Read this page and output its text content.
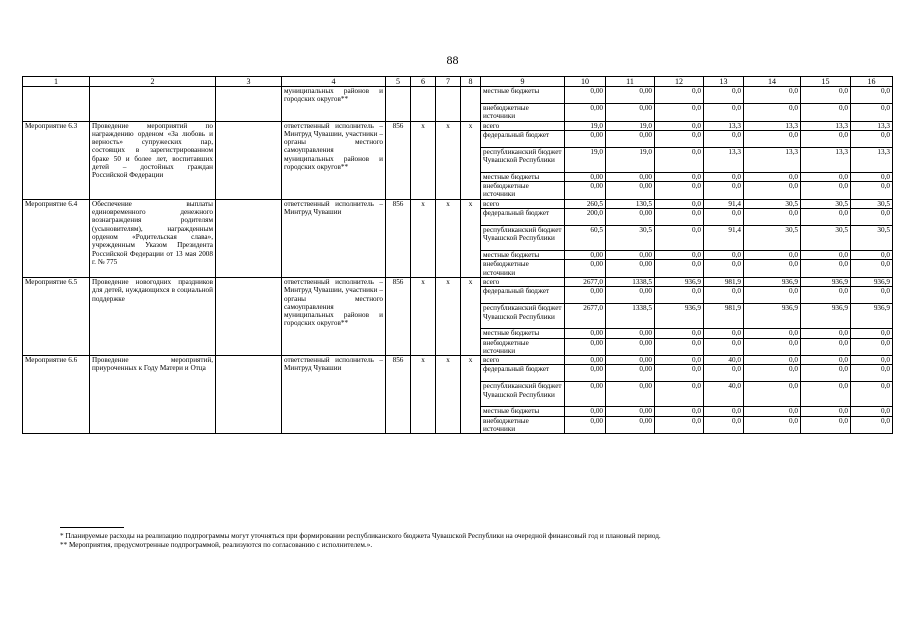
88
1	2	3	4	5	6	7	8	9	10	11	12	13	14	15	16
			муниципальных районов и городских округов**					местные бюджеты	0,00	0,00	0,0	0,0	0,0	0,0	0,0
								внебюджетные источники	0,00	0,00	0,0	0,0	0,0	0,0	0,0
Мероприятие 6.3	Проведение мероприятий по награждению орденом «За любовь и верность» супружеских пар, состоящих в зарегистрированном браке 50 и более лет, воспитавших детей – достойных граждан Российской Федерации		ответственный исполнитель – Минтруд Чувашии, участники – органы местного самоуправления муниципальных районов и городских округов**	856	x	x	x	всего	19,0	19,0	0,0	13,3	13,3	13,3	13,3
								федеральный бюджет	0,00	0,00	0,0	0,0	0,0	0,0	0,0
								республиканский бюджет Чувашской Республики	19,0	19,0	0,0	13,3	13,3	13,3	13,3
								местные бюджеты	0,00	0,00	0,0	0,0	0,0	0,0	0,0
								внебюджетные источники	0,00	0,00	0,0	0,0	0,0	0,0	0,0
Мероприятие 6.4	Обеспечение выплаты единовременного денежного вознаграждения родителям (усыновителям), награжденным орденом «Родительская слава», учрежденным Указом Президента Российской Федерации от 13 мая 2008 г. № 775		ответственный исполнитель – Минтруд Чувашии	856	x	x	x	всего	260,5	130,5	0,0	91,4	30,5	30,5	30,5
								федеральный бюджет	200,0	0,00	0,0	0,0	0,0	0,0	0,0
								республиканский бюджет Чувашской Республики	60,5	30,5	0,0	91,4	30,5	30,5	30,5
								местные бюджеты	0,00	0,00	0,0	0,0	0,0	0,0	0,0
								внебюджетные источники	0,00	0,00	0,0	0,0	0,0	0,0	0,0
Мероприятие 6.5	Проведение новогодних праздников для детей, нуждающихся в социальной поддержке		ответственный исполнитель – Минтруд Чувашии, участники – органы местного самоуправления муниципальных районов и городских округов**	856	x	x	x	всего	2677,0	1338,5	936,9	981,9	936,9	936,9	936,9
								федеральный бюджет	0,00	0,00	0,0	0,0	0,0	0,0	0,0
								республиканский бюджет Чувашской Республики	2677,0	1338,5	936,9	981,9	936,9	936,9	936,9
								местные бюджеты	0,00	0,00	0,0	0,0	0,0	0,0	0,0
								внебюджетные источники	0,00	0,00	0,0	0,0	0,0	0,0	0,0
Мероприятие 6.6	Проведение мероприятий, приуроченных к Году Матери и Отца		ответственный исполнитель – Минтруд Чувашии	856	x	x	x	всего	0,00	0,00	0,0	40,0	0,0	0,0	0,0
								федеральный бюджет	0,00	0,00	0,0	0,0	0,0	0,0	0,0
								республиканский бюджет Чувашской Республики	0,00	0,00	0,0	40,0	0,0	0,0	0,0
								местные бюджеты	0,00	0,00	0,0	0,0	0,0	0,0	0,0
								внебюджетные источники	0,00	0,00	0,0	0,0	0,0	0,0	0,0
* Планируемые расходы на реализацию подпрограммы могут уточняться при формировании республиканского бюджета Чувашской Республики на очередной финансовый год и плановый период.
** Мероприятия, предусмотренные подпрограммой, реализуются по согласованию с исполнителем.».
